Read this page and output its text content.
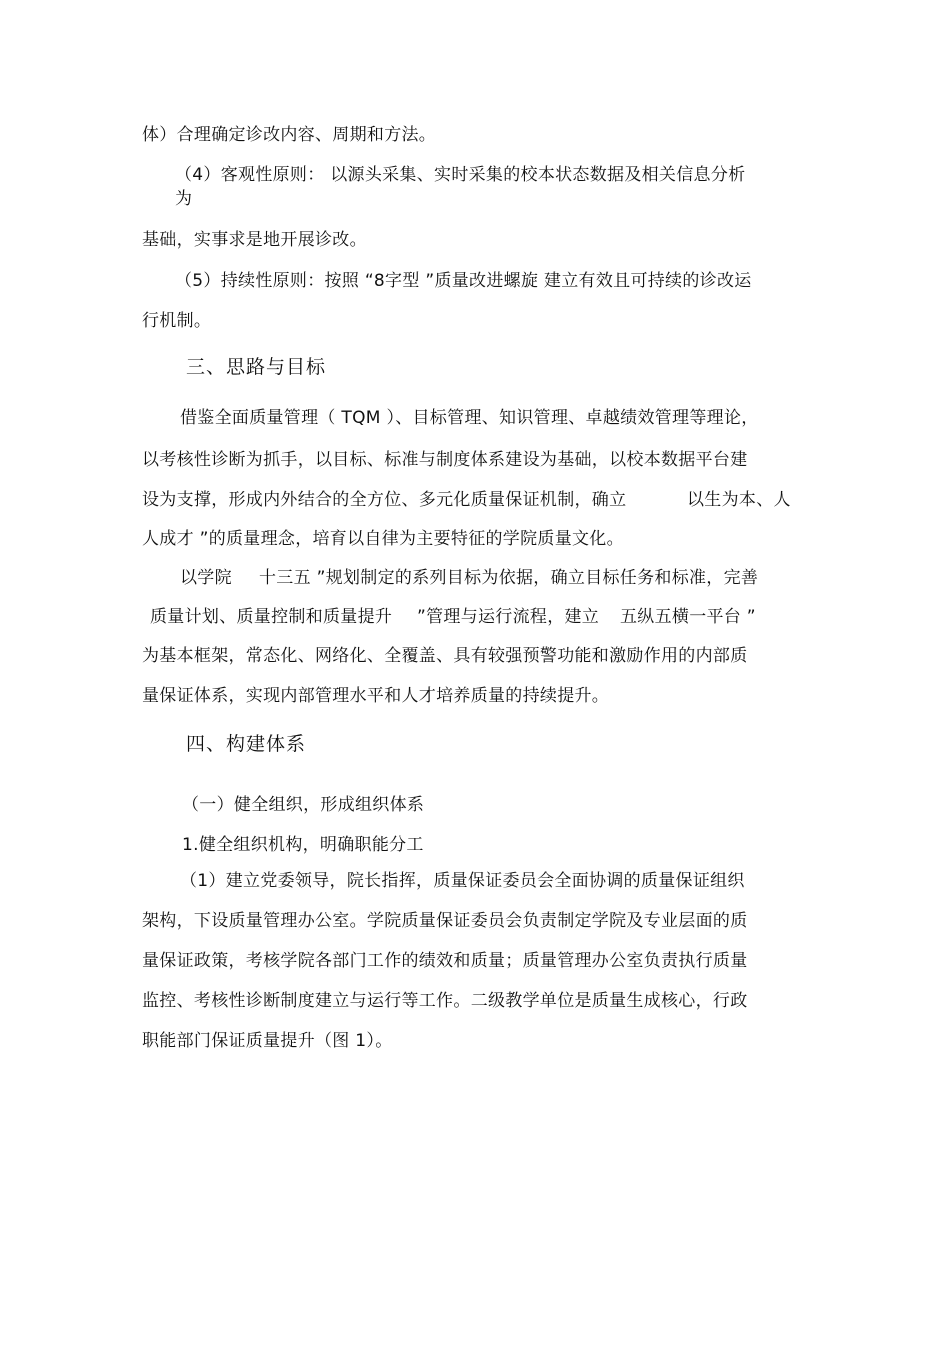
体）合理确定诊改内容、周期和方法。
（4）客观性原则： 以源头采集、实时采集的校本状态数据及相关信息分析
为
基础，实事求是地开展诊改。
（5）持续性原则：按照 “8字型 ”质量改进螺旋 建立有效且可持续的诊改运
行机制。
三、思路与目标
借鉴全面质量管理（ TQM ）、目标管理、知识管理、卓越绩效管理等理论，
以考核性诊断为抓手，以目标、标准与制度体系建设为基础，以校本数据平台建
设为支撑，形成内外结合的全方位、多元化质量保证机制，确立	以生为本、人
人成才 ”的质量理念，培育以自律为主要特征的学院质量文化。
以学院 十三五 ”规划制定的系列目标为依据，确立目标任务和标准，完善
质量计划、质量控制和质量提升 ”管理与运行流程，建立 五纵五横一平台 ”
为基本框架，常态化、网络化、全覆盖、具有较强预警功能和激励作用的内部质
量保证体系，实现内部管理水平和人才培养质量的持续提升。
四、构建体系
（一）健全组织，形成组织体系
1.健全组织机构，明确职能分工
（1）建立党委领导，院长指挥，质量保证委员会全面协调的质量保证组织
架构，下设质量管理办公室。学院质量保证委员会负责制定学院及专业层面的质
量保证政策，考核学院各部门工作的绩效和质量；质量管理办公室负责执行质量
监控、考核性诊断制度建立与运行等工作。二级教学单位是质量生成核心，行政
职能部门保证质量提升（图 1）。
